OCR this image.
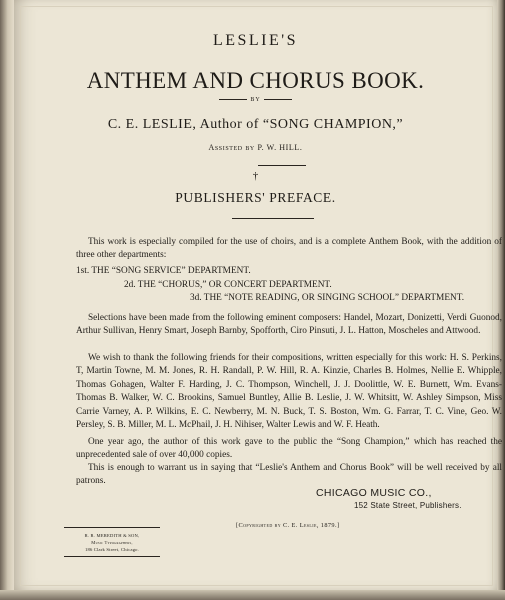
LESLIE'S
ANTHEM AND CHORUS BOOK.
BY
C. E. LESLIE, Author of “SONG CHAMPION,”
Assisted by P. W. HILL.
†
PUBLISHERS' PREFACE.
This work is especially compiled for the use of choirs, and is a complete Anthem Book, with the addition of three other departments:
1st. THE “SONG SERVICE” DEPARTMENT.
2d. THE “CHORUS,” OR CONCERT DEPARTMENT.
3d. THE “NOTE READING, OR SINGING SCHOOL” DEPARTMENT.
Selections have been made from the following eminent composers: Handel, Mozart, Donizetti, Verdi Guonod, Arthur Sullivan, Henry Smart, Joseph Barnby, Spofforth, Ciro Pinsuti, J. L. Hatton, Moscheles and Attwood.
We wish to thank the following friends for their compositions, written especially for this work: H. S. Perkins, T, Martin Towne, M. M. Jones, R. H. Randall, P. W. Hill, R. A. Kinzie, Charles B. Holmes, Nellie E. Whipple, Thomas Gohagen, Walter F. Harding, J. C. Thompson, Winchell, J. J. Doolittle, W. E. Burnett, Wm. Evans-Thomas B. Walker, W. C. Brookins, Samuel Buntley, Allie B. Leslie, J. W. Whitsitt, W. Ashley Simpson, Miss Carrie Varney, A. P. Wilkins, E. C. Newberry, M. N. Buck, T. S. Boston, Wm. G. Farrar, T. C. Vine, Geo. W. Persley, S. B. Miller, M. L. McPhail, J. H. Nihiser, Walter Lewis and W. F. Heath.
One year ago, the author of this work gave to the public the “Song Champion,” which has reached the unprecedented sale of over 40,000 copies.
This is enough to warrant us in saying that “Leslie's Anthem and Chorus Book” will be well received by all patrons.
CHICAGO MUSIC CO.,
152 State Street, Publishers.
[Copyrighted by C. E. Leslie, 1879.]
R. R. MEREDITH & SON,
Music Typographers,
186 Clark Street, Chicago.
